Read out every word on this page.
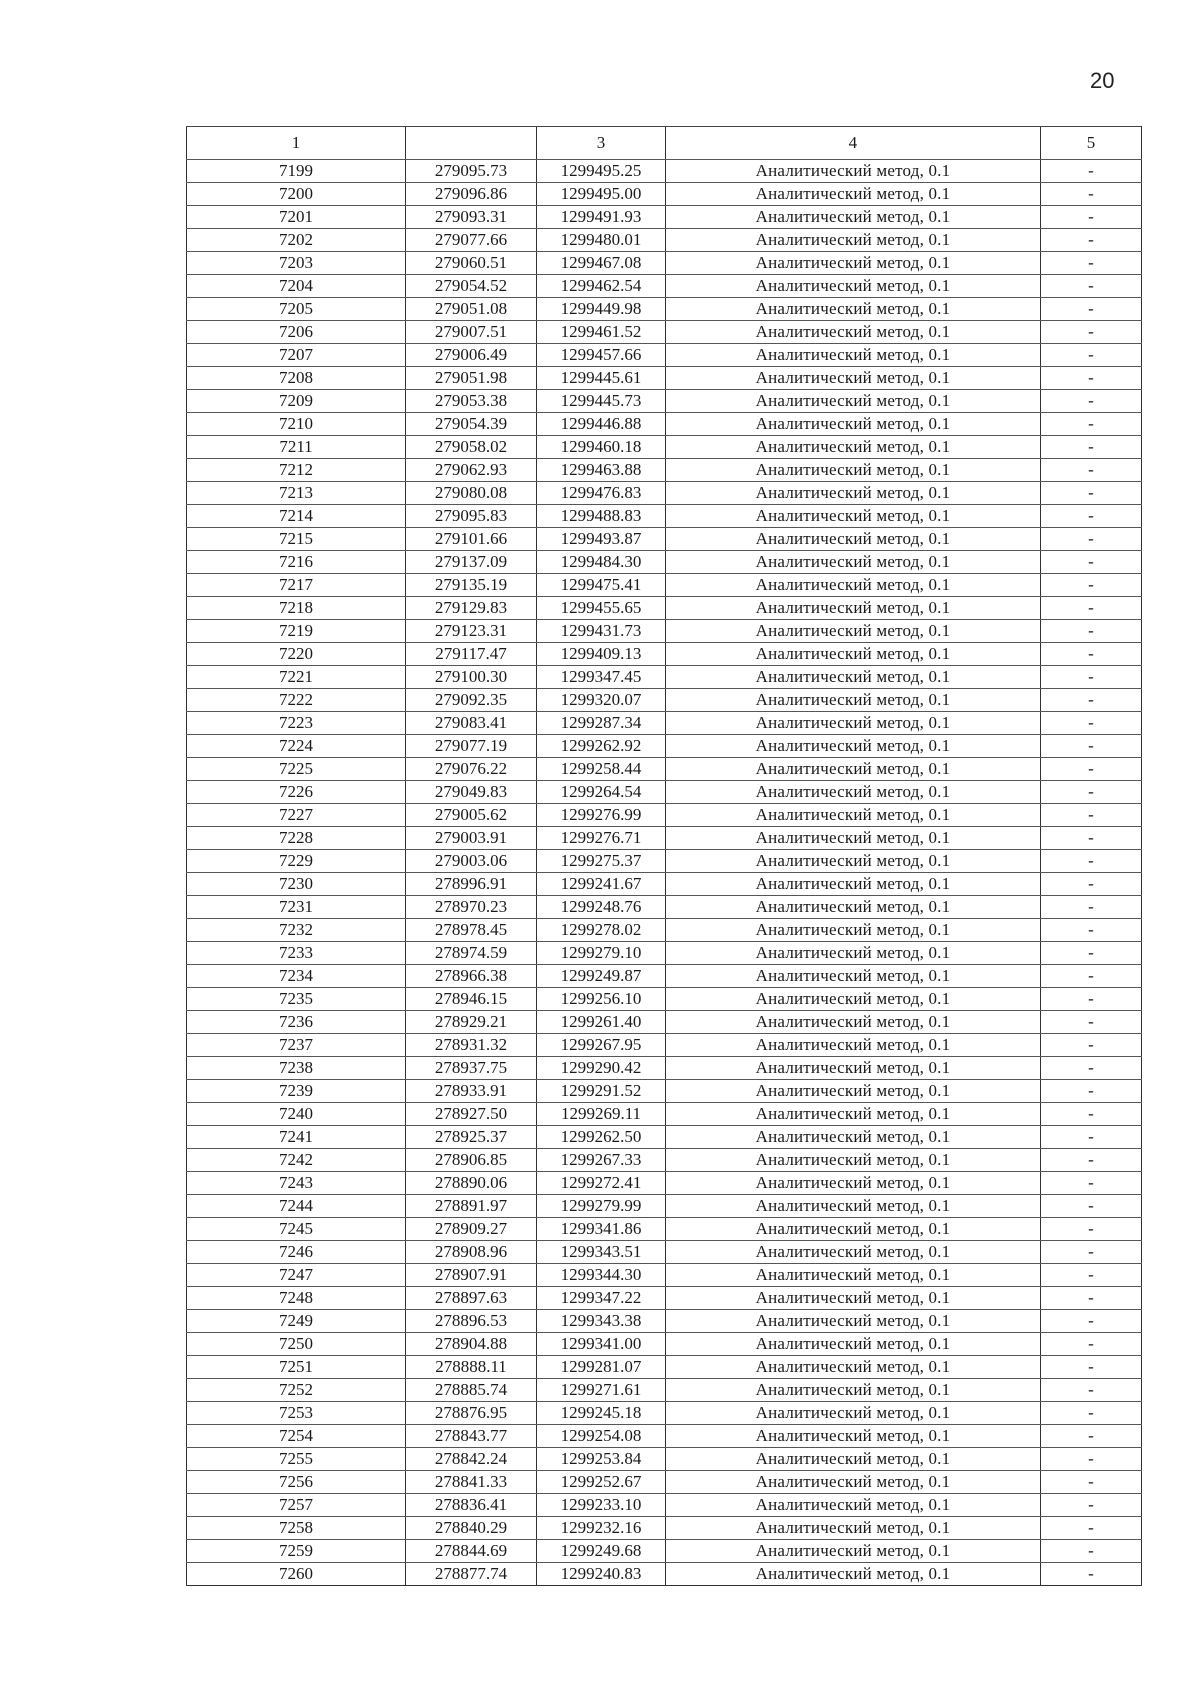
20
1		3	4	5
7199	279095.73	1299495.25	Аналитический метод, 0.1	-
7200	279096.86	1299495.00	Аналитический метод, 0.1	-
7201	279093.31	1299491.93	Аналитический метод, 0.1	-
7202	279077.66	1299480.01	Аналитический метод, 0.1	-
7203	279060.51	1299467.08	Аналитический метод, 0.1	-
7204	279054.52	1299462.54	Аналитический метод, 0.1	-
7205	279051.08	1299449.98	Аналитический метод, 0.1	-
7206	279007.51	1299461.52	Аналитический метод, 0.1	-
7207	279006.49	1299457.66	Аналитический метод, 0.1	-
7208	279051.98	1299445.61	Аналитический метод, 0.1	-
7209	279053.38	1299445.73	Аналитический метод, 0.1	-
7210	279054.39	1299446.88	Аналитический метод, 0.1	-
7211	279058.02	1299460.18	Аналитический метод, 0.1	-
7212	279062.93	1299463.88	Аналитический метод, 0.1	-
7213	279080.08	1299476.83	Аналитический метод, 0.1	-
7214	279095.83	1299488.83	Аналитический метод, 0.1	-
7215	279101.66	1299493.87	Аналитический метод, 0.1	-
7216	279137.09	1299484.30	Аналитический метод, 0.1	-
7217	279135.19	1299475.41	Аналитический метод, 0.1	-
7218	279129.83	1299455.65	Аналитический метод, 0.1	-
7219	279123.31	1299431.73	Аналитический метод, 0.1	-
7220	279117.47	1299409.13	Аналитический метод, 0.1	-
7221	279100.30	1299347.45	Аналитический метод, 0.1	-
7222	279092.35	1299320.07	Аналитический метод, 0.1	-
7223	279083.41	1299287.34	Аналитический метод, 0.1	-
7224	279077.19	1299262.92	Аналитический метод, 0.1	-
7225	279076.22	1299258.44	Аналитический метод, 0.1	-
7226	279049.83	1299264.54	Аналитический метод, 0.1	-
7227	279005.62	1299276.99	Аналитический метод, 0.1	-
7228	279003.91	1299276.71	Аналитический метод, 0.1	-
7229	279003.06	1299275.37	Аналитический метод, 0.1	-
7230	278996.91	1299241.67	Аналитический метод, 0.1	-
7231	278970.23	1299248.76	Аналитический метод, 0.1	-
7232	278978.45	1299278.02	Аналитический метод, 0.1	-
7233	278974.59	1299279.10	Аналитический метод, 0.1	-
7234	278966.38	1299249.87	Аналитический метод, 0.1	-
7235	278946.15	1299256.10	Аналитический метод, 0.1	-
7236	278929.21	1299261.40	Аналитический метод, 0.1	-
7237	278931.32	1299267.95	Аналитический метод, 0.1	-
7238	278937.75	1299290.42	Аналитический метод, 0.1	-
7239	278933.91	1299291.52	Аналитический метод, 0.1	-
7240	278927.50	1299269.11	Аналитический метод, 0.1	-
7241	278925.37	1299262.50	Аналитический метод, 0.1	-
7242	278906.85	1299267.33	Аналитический метод, 0.1	-
7243	278890.06	1299272.41	Аналитический метод, 0.1	-
7244	278891.97	1299279.99	Аналитический метод, 0.1	-
7245	278909.27	1299341.86	Аналитический метод, 0.1	-
7246	278908.96	1299343.51	Аналитический метод, 0.1	-
7247	278907.91	1299344.30	Аналитический метод, 0.1	-
7248	278897.63	1299347.22	Аналитический метод, 0.1	-
7249	278896.53	1299343.38	Аналитический метод, 0.1	-
7250	278904.88	1299341.00	Аналитический метод, 0.1	-
7251	278888.11	1299281.07	Аналитический метод, 0.1	-
7252	278885.74	1299271.61	Аналитический метод, 0.1	-
7253	278876.95	1299245.18	Аналитический метод, 0.1	-
7254	278843.77	1299254.08	Аналитический метод, 0.1	-
7255	278842.24	1299253.84	Аналитический метод, 0.1	-
7256	278841.33	1299252.67	Аналитический метод, 0.1	-
7257	278836.41	1299233.10	Аналитический метод, 0.1	-
7258	278840.29	1299232.16	Аналитический метод, 0.1	-
7259	278844.69	1299249.68	Аналитический метод, 0.1	-
7260	278877.74	1299240.83	Аналитический метод, 0.1	-
